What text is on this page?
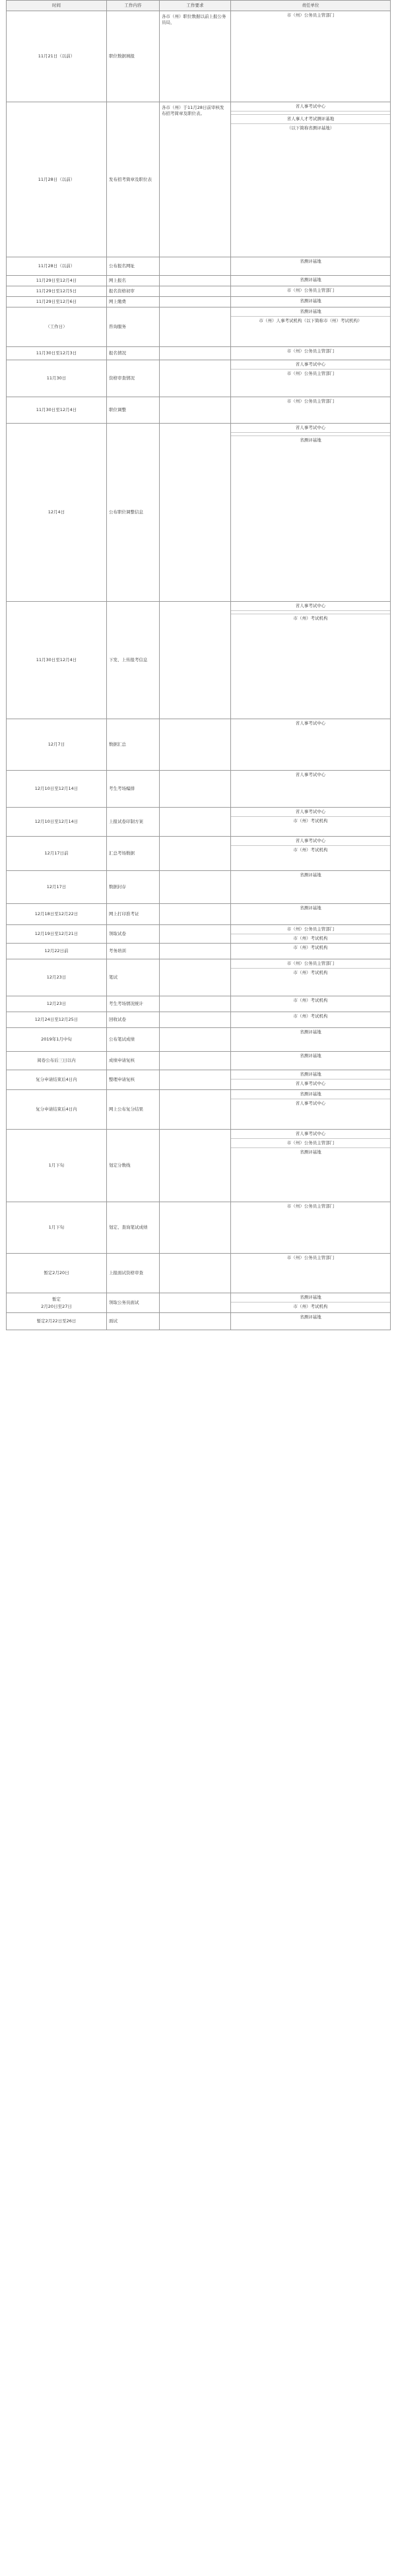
时间	工作内容	工作要求	责任单位

11月21日（以前）	职位数据填报	各市（州）职位数据以前上报公务员局，	市（州）公务员主管部门

11月28日（以前）	发布招考简章及职位表	各市（州）于11月28日前审核发布招考简章及职位表。	省人事考试中心
省人事人才考试测评基地
（以下简称省测评基地）

11月28日（以前）	公布报名网址		省测评基地

11月29日至12月4日	网上报名		省测评基地

11月29日至12月5日	报名资格初审		市（州）公务员主管部门

11月29日至12月6日	网上缴费		省测评基地

（工作日）	咨询服务		省测评基地
市（州）人事考试机构（以下简称市（州）考试机构）

11月30日至12月3日	报名情况		市（州）公务员主管部门

11月30日	资格审查情况		省人事考试中心
市（州）公务员主管部门

11月30日至12月4日	职位调整		市（州）公务员主管部门

12月4日	公布职位调整信息		省人事考试中心
省测评基地

11月30日至12月4日	下发、上传报考信息		省人事考试中心
市（州）考试机构

12月7日	数据汇总		省人事考试中心

12月10日至12月14日	考生考场编排		省人事考试中心

12月10日至12月14日	上报试卷印制方案		省人事考试中心
市（州）考试机构

12月17日前	汇总考场数据		省人事考试中心
市（州）考试机构

12月17日	数据封存		省测评基地

12月18日至12月22日	网上打印准考证		省测评基地

12月19日至12月21日	领取试卷		市（州）公务员主管部门
市（州）考试机构

12月22日前	考务培训		市（州）考试机构

12月23日	笔试		市（州）公务员主管部门
市（州）考试机构

12月23日	考生考场情况统计		市（州）考试机构

12月24日至12月25日	回收试卷		市（州）考试机构

2019年1月中旬	公布笔试成绩		省测评基地

阅卷公布后三日以内	成绩申请复核		省测评基地

复分申请结束后4日内	整理申请复核		省测评基地
省人事考试中心

复分申请结束后4日内	网上公布复分结果		省测评基地
省人事考试中心

1月下旬	划定分数线		省人事考试中心
市（州）公务员主管部门
省测评基地

1月下旬	划定、查询笔试成绩		市（州）公务员主管部门

暂定2月20日	上报面试资格审查		市（州）公务员主管部门

暂定
2月20日至27日	领取公务员面试		省测评基地
市（州）考试机构

暂定2月22日至26日	面试		省测评基地
